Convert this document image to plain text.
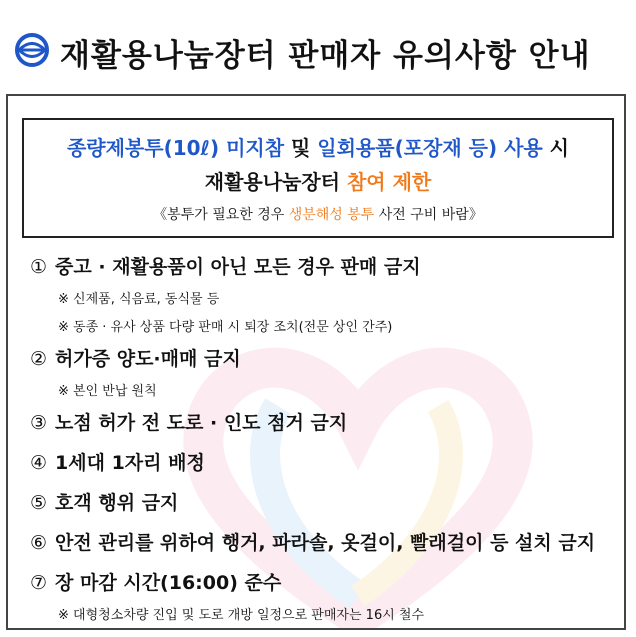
재활용나눔장터 판매자 유의사항 안내
종량제봉투(10ℓ) 미지참 및 일회용품(포장재 등) 사용 시
재활용나눔장터 참여 제한
《봉투가 필요한 경우 생분해성 봉투 사전 구비 바람》
① 중고 · 재활용품이 아닌 모든 경우 판매 금지
※ 신제품, 식음료, 동식물 등
※ 동종 · 유사 상품 다량 판매 시 퇴장 조치(전문 상인 간주)
② 허가증 양도·매매 금지
※ 본인 반납 원칙
③ 노점 허가 전 도로 · 인도 점거 금지
④ 1세대 1자리 배정
⑤ 호객 행위 금지
⑥ 안전 관리를 위하여 행거, 파라솔, 옷걸이, 빨래걸이 등 설치 금지
⑦ 장 마감 시간(16:00) 준수
※ 대형청소차량 진입 및 도로 개방 일정으로 판매자는 16시 철수
